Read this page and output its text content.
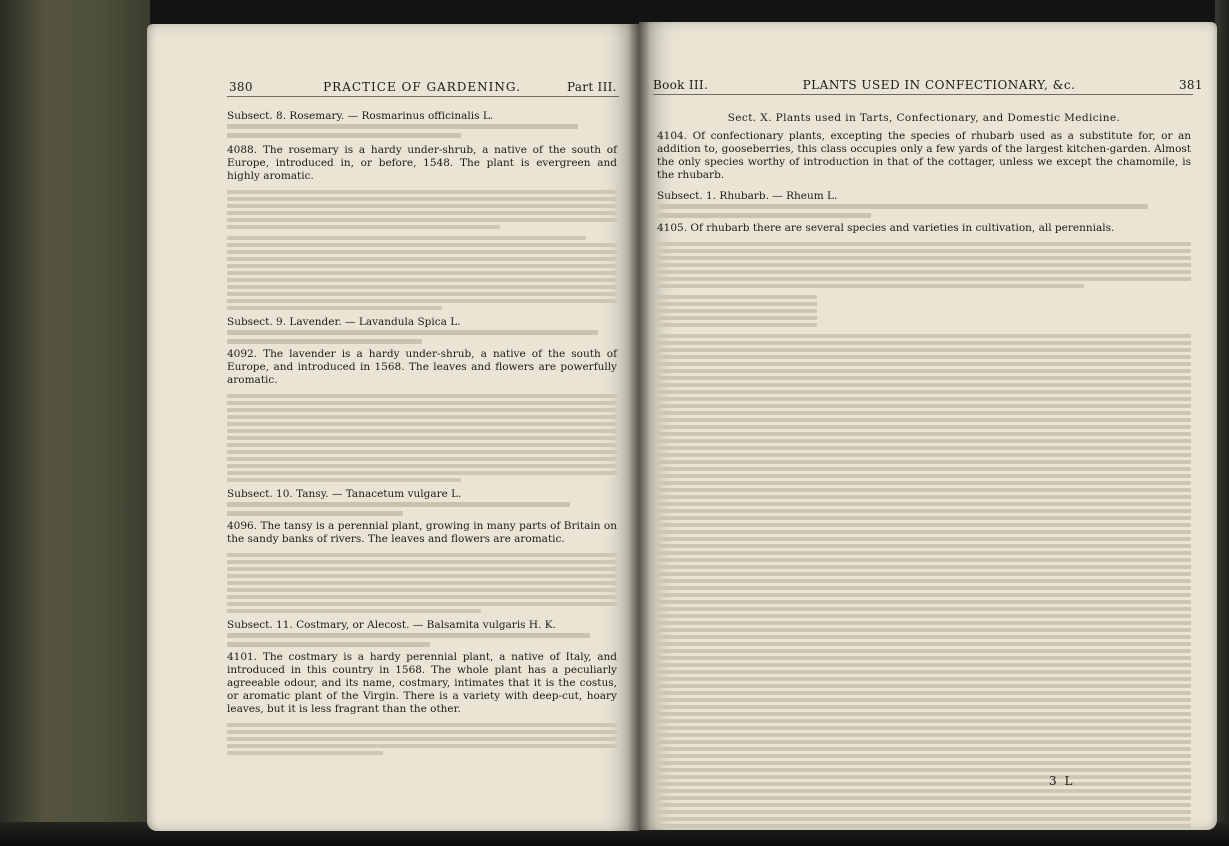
380	PRACTICE OF GARDENING.	Part III.

Subsect. 8. Rosemary. — Rosmarinus officinalis L.

4088. The rosemary is a hardy under-shrub, a native of the south of Europe, introduced in, or before, 1548. The plant is evergreen and highly aromatic.

Subsect. 9. Lavender. — Lavandula Spica L.

4092. The lavender is a hardy under-shrub, a native of the south of Europe, and introduced in 1568. The leaves and flowers are powerfully aromatic.

Subsect. 10. Tansy. — Tanacetum vulgare L.

4096. The tansy is a perennial plant, growing in many parts of Britain on the sandy banks of rivers. The leaves and flowers are aromatic.

Subsect. 11. Costmary, or Alecost. — Balsamita vulgaris H. K.

4101. The costmary is a hardy perennial plant, a native of Italy, and introduced in this country in 1568. The whole plant has a peculiarly agreeable odour, and its name, costmary, intimates that it is the costus, or aromatic plant of the Virgin. There is a variety with deep-cut, hoary leaves, but it is less fragrant than the other.

Book III.	PLANTS USED IN CONFECTIONARY, &c.	381
Sect. X. Plants used in Tarts, Confectionary, and Domestic Medicine.

4104. Of confectionary plants, excepting the species of rhubarb used as a substitute for, or an addition to, gooseberries, this class occupies only a few yards of the largest kitchen-garden. Almost the only species worthy of introduction in that of the cottager, unless we except the chamomile, is the rhubarb.

Subsect. 1. Rhubarb. — Rheum L.

4105. Of rhubarb there are several species and varieties in cultivation, all perennials.

3 L
